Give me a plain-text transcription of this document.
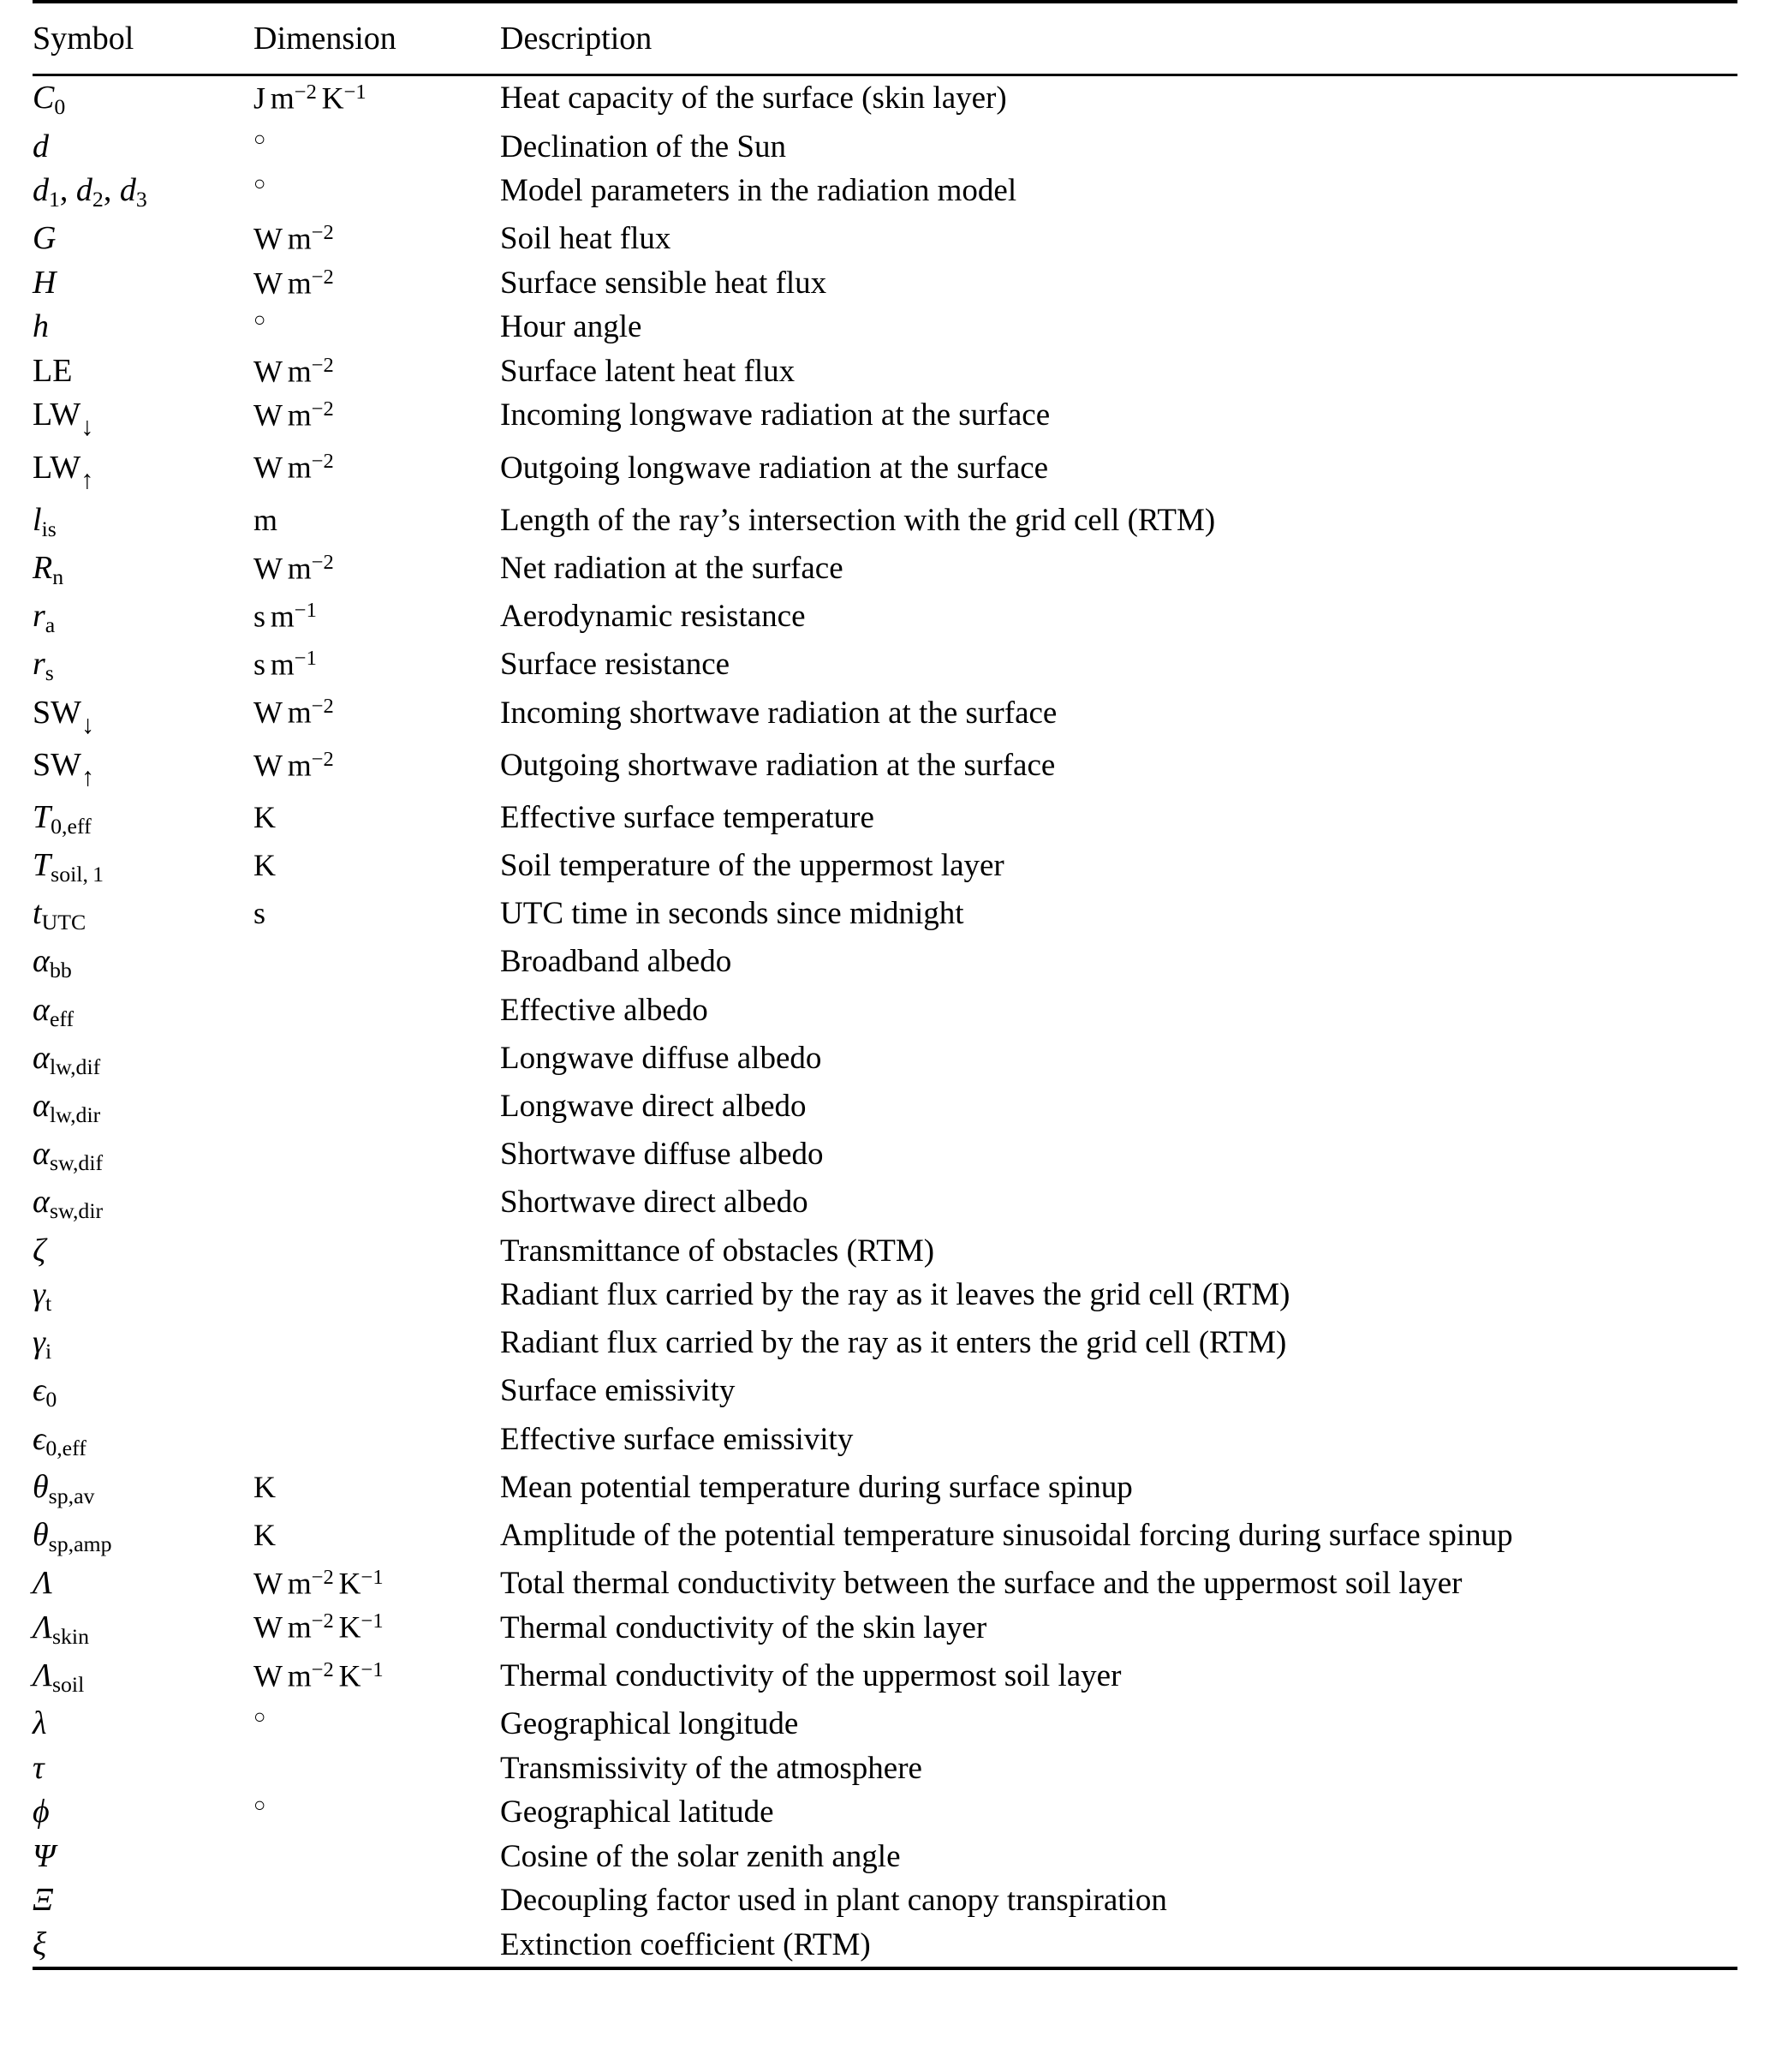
Symbol	Dimension	Description

$C_0$	J $m^{-2}$ $K^{-1}$	Heat capacity of the surface (skin layer)
d	○	Declination of the Sun
$d_1$, $d_2$, $d_3$	○	Model parameters in the radiation model
G	W $m^{-2}$	Soil heat flux
H	W $m^{-2}$	Surface sensible heat flux
h	○	Hour angle
LE	W $m^{-2}$	Surface latent heat flux
$LW_↓$	W $m^{-2}$	Incoming longwave radiation at the surface
$LW_↑$	W $m^{-2}$	Outgoing longwave radiation at the surface
$l_{is}$	m	Length of the ray’s intersection with the grid cell (RTM)
$R_n$	W $m^{-2}$	Net radiation at the surface
$r_a$	s $m^{-1}$	Aerodynamic resistance
$r_s$	s $m^{-1}$	Surface resistance
$SW_↓$	W $m^{-2}$	Incoming shortwave radiation at the surface
$SW_↑$	W $m^{-2}$	Outgoing shortwave radiation at the surface
$T_{0,eff}$	K	Effective surface temperature
$T_{soil, 1}$	K	Soil temperature of the uppermost layer
$t_{UTC}$	s	UTC time in seconds since midnight
$\alpha_{bb}$		Broadband albedo
$\alpha_{eff}$		Effective albedo
$\alpha_{lw,dif}$		Longwave diffuse albedo
$\alpha_{lw,dir}$		Longwave direct albedo
$\alpha_{sw,dif}$		Shortwave diffuse albedo
$\alpha_{sw,dir}$		Shortwave direct albedo
ζ		Transmittance of obstacles (RTM)
$\gamma_t$		Radiant flux carried by the ray as it leaves the grid cell (RTM)
$\gamma_i$		Radiant flux carried by the ray as it enters the grid cell (RTM)
$\epsilon_0$		Surface emissivity
$\epsilon_{0,eff}$		Effective surface emissivity
$\theta_{sp,av}$	K	Mean potential temperature during surface spinup
$\theta_{sp,amp}$	K	Amplitude of the potential temperature sinusoidal forcing during surface spinup
Λ	W $m^{-2}$ $K^{-1}$	Total thermal conductivity between the surface and the uppermost soil layer
$\Lambda_{skin}$	W $m^{-2}$ $K^{-1}$	Thermal conductivity of the skin layer
$\Lambda_{soil}$	W $m^{-2}$ $K^{-1}$	Thermal conductivity of the uppermost soil layer
λ	○	Geographical longitude
τ		Transmissivity of the atmosphere
ϕ	○	Geographical latitude
Ψ		Cosine of the solar zenith angle
Ξ		Decoupling factor used in plant canopy transpiration
ξ		Extinction coefficient (RTM)
